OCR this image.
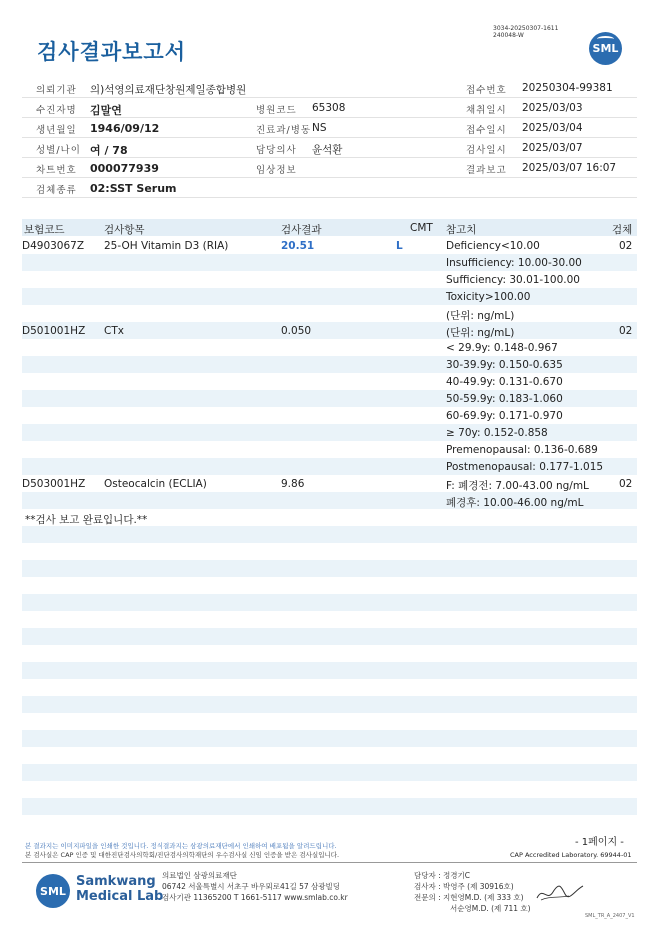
3034-20250307-1611
240048-W
검사결과보고서	SML
의뢰기관 의)석영의료재단창원제일종합병원	접수번호 20250304-99381
수진자명 김말연	병원코드 65308	채취일시 2025/03/03
생년월일 1946/09/12	진료과/병동 NS	접수일시 2025/03/04
성별/나이 여 / 78	담당의사 윤석환	검사일시 2025/03/07
차트번호 000077939	임상정보	결과보고 2025/03/07 16:07
검체종류 02:SST Serum
보험코드	검사항목	검사결과	CMT 참고치	검체
D4903067Z 25-OH Vitamin D3 (RIA)	20.51	L	Deficiency<10.00	02
Insufficiency: 10.00-30.00
Sufficiency: 30.01-100.00
Toxicity>100.00
(단위: ng/mL)
D501001HZ CTx	0.050	(단위: ng/mL)	02
< 29.9y: 0.148-0.967
30-39.9y: 0.150-0.635
40-49.9y: 0.131-0.670
50-59.9y: 0.183-1.060
60-69.9y: 0.171-0.970
≥ 70y: 0.152-0.858
Premenopausal: 0.136-0.689
Postmenopausal: 0.177-1.015
D503001HZ Osteocalcin (ECLIA)	9.86	F: 폐경전: 7.00-43.00 ng/mL	02
폐경후: 10.00-46.00 ng/mL
**검사 보고 완료입니다.**
- 1페이지 -
본 결과지는 이미지파일을 인쇄한 것입니다. 정식결과지는 삼광의료재단에서 인쇄하여 배포됨을 알려드립니다.
본 검사실은 CAP 인증 및 대한진단검사의학회/진단검사의학재단의 우수검사실 신임 인증을 받은 검사실입니다.	CAP Accredited Laboratory. 69944-01
SML
Samkwang
Medical Lab
의료법인 삼광의료재단
06742 서울특별시 서초구 바우뫼로41길 57 삼광빌딩
검사기관 11365200 T 1661-5117 www.smlab.co.kr
담당자 : 정경기C
검사자 : 박영주 (제 30916호)
전문의 : 지현영M.D. (제 333 호)
서순영M.D. (제 711 호)
SML_TR_A_2407_V1
